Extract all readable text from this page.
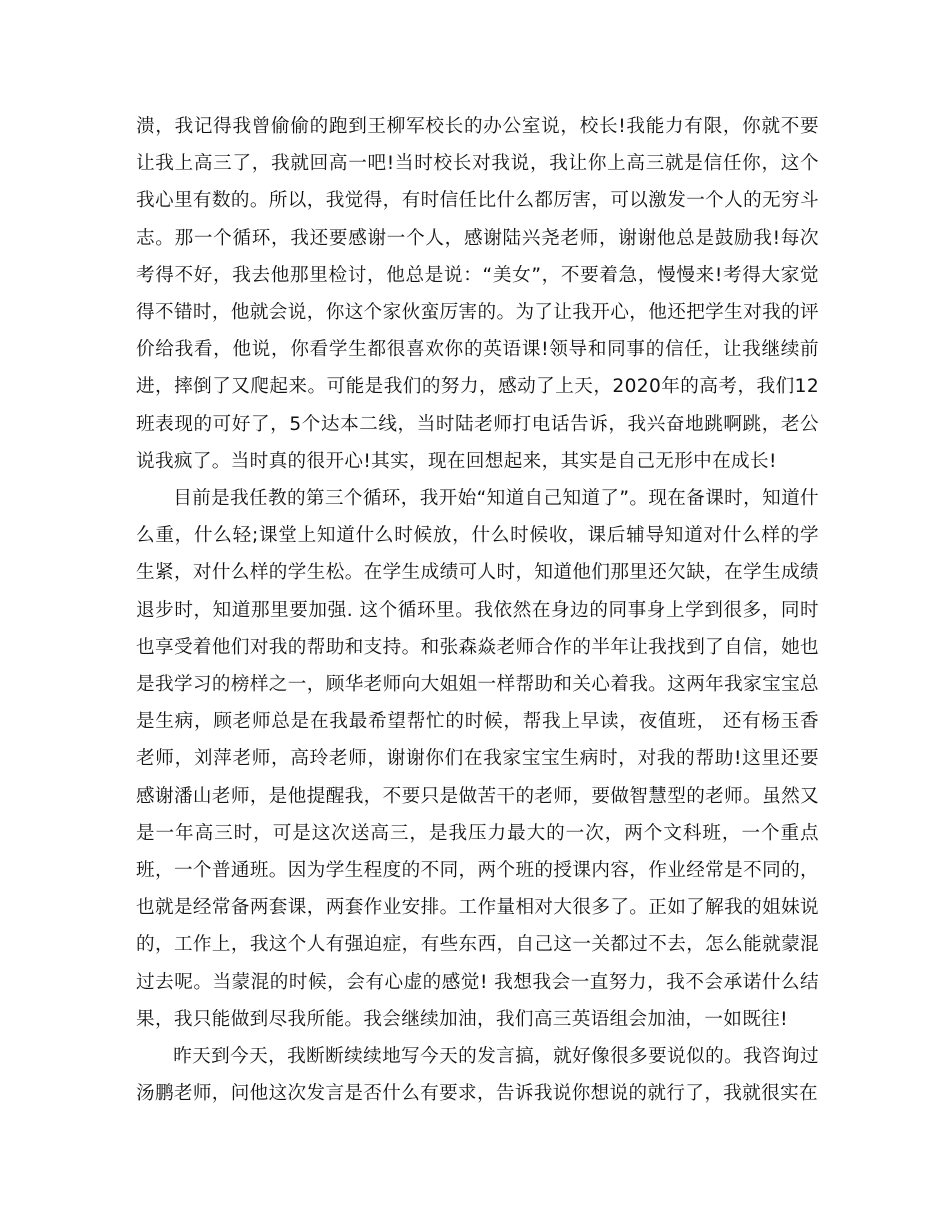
溃，我记得我曾偷偷的跑到王柳军校长的办公室说，校长!我能力有限，你就不要让我上高三了，我就回高一吧!当时校长对我说，我让你上高三就是信任你，这个我心里有数的。所以，我觉得，有时信任比什么都厉害，可以激发一个人的无穷斗志。那一个循环，我还要感谢一个人，感谢陆兴尧老师，谢谢他总是鼓励我!每次考得不好，我去他那里检讨，他总是说：“美女”，不要着急，慢慢来!考得大家觉得不错时，他就会说，你这个家伙蛮厉害的。为了让我开心，他还把学生对我的评价给我看，他说，你看学生都很喜欢你的英语课!领导和同事的信任，让我继续前进，摔倒了又爬起来。可能是我们的努力，感动了上天，2020年的高考，我们12班表现的可好了，5个达本二线，当时陆老师打电话告诉，我兴奋地跳啊跳，老公说我疯了。当时真的很开心!其实，现在回想起来，其实是自己无形中在成长!

目前是我任教的第三个循环，我开始“知道自己知道了”。现在备课时，知道什么重，什么轻;课堂上知道什么时候放，什么时候收，课后辅导知道对什么样的学生紧，对什么样的学生松。在学生成绩可人时，知道他们那里还欠缺，在学生成绩退步时，知道那里要加强. 这个循环里。我依然在身边的同事身上学到很多，同时也享受着他们对我的帮助和支持。和张森焱老师合作的半年让我找到了自信，她也是我学习的榜样之一，顾华老师向大姐姐一样帮助和关心着我。这两年我家宝宝总是生病，顾老师总是在我最希望帮忙的时候，帮我上早读，夜值班， 还有杨玉香老师，刘萍老师，高玲老师，谢谢你们在我家宝宝生病时，对我的帮助!这里还要感谢潘山老师，是他提醒我，不要只是做苦干的老师，要做智慧型的老师。虽然又是一年高三时，可是这次送高三，是我压力最大的一次，两个文科班，一个重点班，一个普通班。因为学生程度的不同，两个班的授课内容，作业经常是不同的，也就是经常备两套课，两套作业安排。工作量相对大很多了。正如了解我的姐妹说的，工作上，我这个人有强迫症，有些东西，自己这一关都过不去，怎么能就蒙混过去呢。当蒙混的时候，会有心虚的感觉! 我想我会一直努力，我不会承诺什么结果，我只能做到尽我所能。我会继续加油，我们高三英语组会加油，一如既往!

昨天到今天，我断断续续地写今天的发言搞，就好像很多要说似的。我咨询过汤鹏老师，问他这次发言是否什么有要求，告诉我说你想说的就行了，我就很实在
